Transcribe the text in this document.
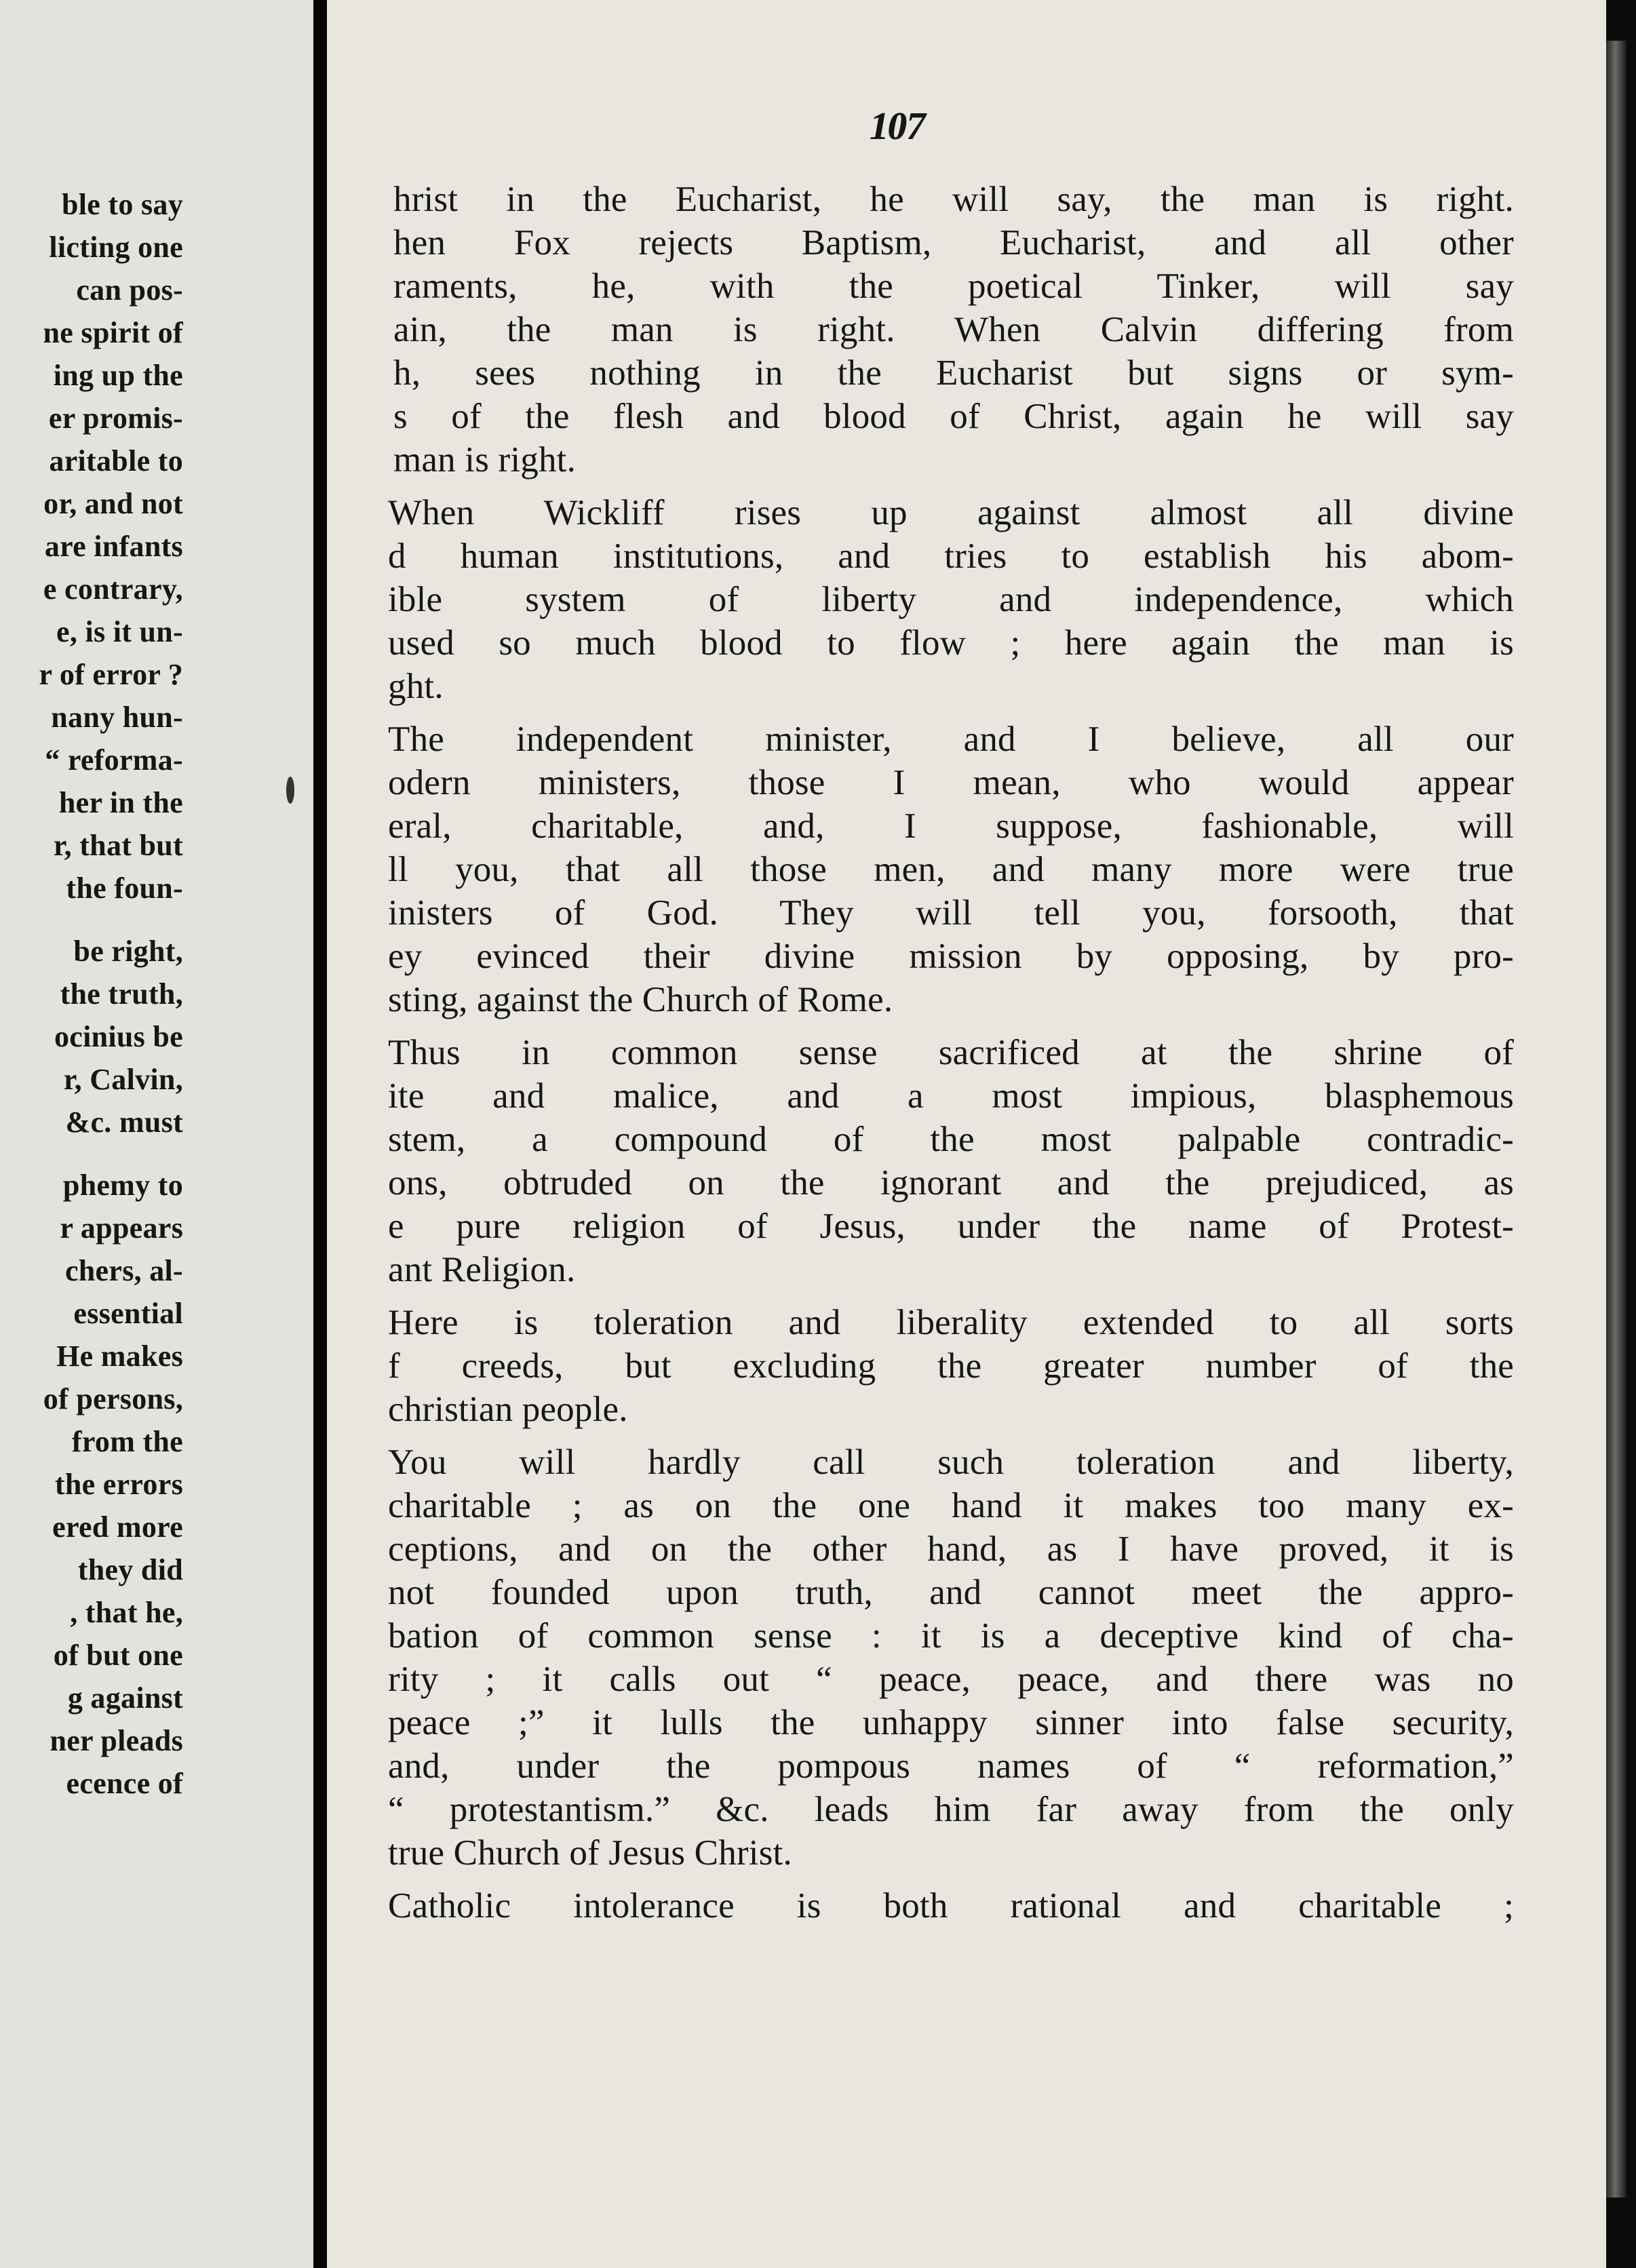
ble to say
licting one
can pos-
ne spirit of
ing up the
er promis-
aritable to
or, and not
are infants
e contrary,
e, is it un-
r of error ?
nany hun-
“ reforma-
her in the
r, that but
the foun-
be right,
the truth,
ocinius be
r, Calvin,
&c. must
phemy to
r appears
chers, al-
essential
He makes
of persons,
from the
the errors
ered more
they did
, that he,
of but one
g against
ner pleads
ecence of
107
hrist in the Eucharist, he will say, the man is right.
hen Fox rejects Baptism, Eucharist, and all other
raments, he, with the poetical Tinker, will say
ain, the man is right. When Calvin differing from
h, sees nothing in the Eucharist but signs or sym-
s of the flesh and blood of Christ, again he will say
man is right.
When Wickliff rises up against almost all divine
d human institutions, and tries to establish his abom-
ible system of liberty and independence, which
used so much blood to flow ; here again the man is
ght.
The independent minister, and I believe, all our
odern ministers, those I mean, who would appear
eral, charitable, and, I suppose, fashionable, will
ll you, that all those men, and many more were true
inisters of God. They will tell you, forsooth, that
ey evinced their divine mission by opposing, by pro-
sting, against the Church of Rome.
Thus in common sense sacrificed at the shrine of
ite and malice, and a most impious, blasphemous
stem, a compound of the most palpable contradic-
ons, obtruded on the ignorant and the prejudiced, as
e pure religion of Jesus, under the name of Protest-
ant Religion.
Here is toleration and liberality extended to all sorts
f creeds, but excluding the greater number of the
christian people.
You will hardly call such toleration and liberty,
charitable ; as on the one hand it makes too many ex-
ceptions, and on the other hand, as I have proved, it is
not founded upon truth, and cannot meet the appro-
bation of common sense : it is a deceptive kind of cha-
rity ; it calls out “ peace, peace, and there was no
peace ;” it lulls the unhappy sinner into false security,
and, under the pompous names of “ reformation,”
“ protestantism.” &c. leads him far away from the only
true Church of Jesus Christ.
Catholic intolerance is both rational and charitable ;
